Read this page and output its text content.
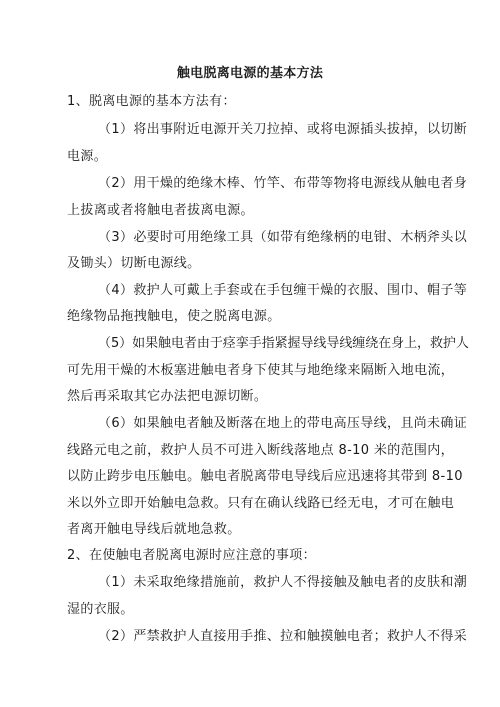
触电脱离电源的基本方法
1、脱离电源的基本方法有：
（1）将出事附近电源开关刀拉掉、或将电源插头拔掉，以切断
电源。
（2）用干燥的绝缘木棒、竹竿、布带等物将电源线从触电者身
上拔离或者将触电者拔离电源。
（3）必要时可用绝缘工具（如带有绝缘柄的电钳、木柄斧头以
及锄头）切断电源线。
（4）救护人可戴上手套或在手包缠干燥的衣服、围巾、帽子等
绝缘物品拖拽触电，使之脱离电源。
（5）如果触电者由于痉挛手指紧握导线导线缠绕在身上，救护人
可先用干燥的木板塞进触电者身下使其与地绝缘来隔断入地电流，
然后再采取其它办法把电源切断。
（6）如果触电者触及断落在地上的带电高压导线，且尚未确证
线路元电之前，救护人员不可进入断线落地点 8-10 米的范围内，
以防止跨步电压触电。触电者脱离带电导线后应迅速将其带到 8-10
米以外立即开始触电急救。只有在确认线路已经无电，才可在触电
者离开触电导线后就地急救。
2、在使触电者脱离电源时应注意的事项：
（1）未采取绝缘措施前，救护人不得接触及触电者的皮肤和潮
湿的衣服。
（2）严禁救护人直接用手推、拉和触摸触电者；救护人不得采
